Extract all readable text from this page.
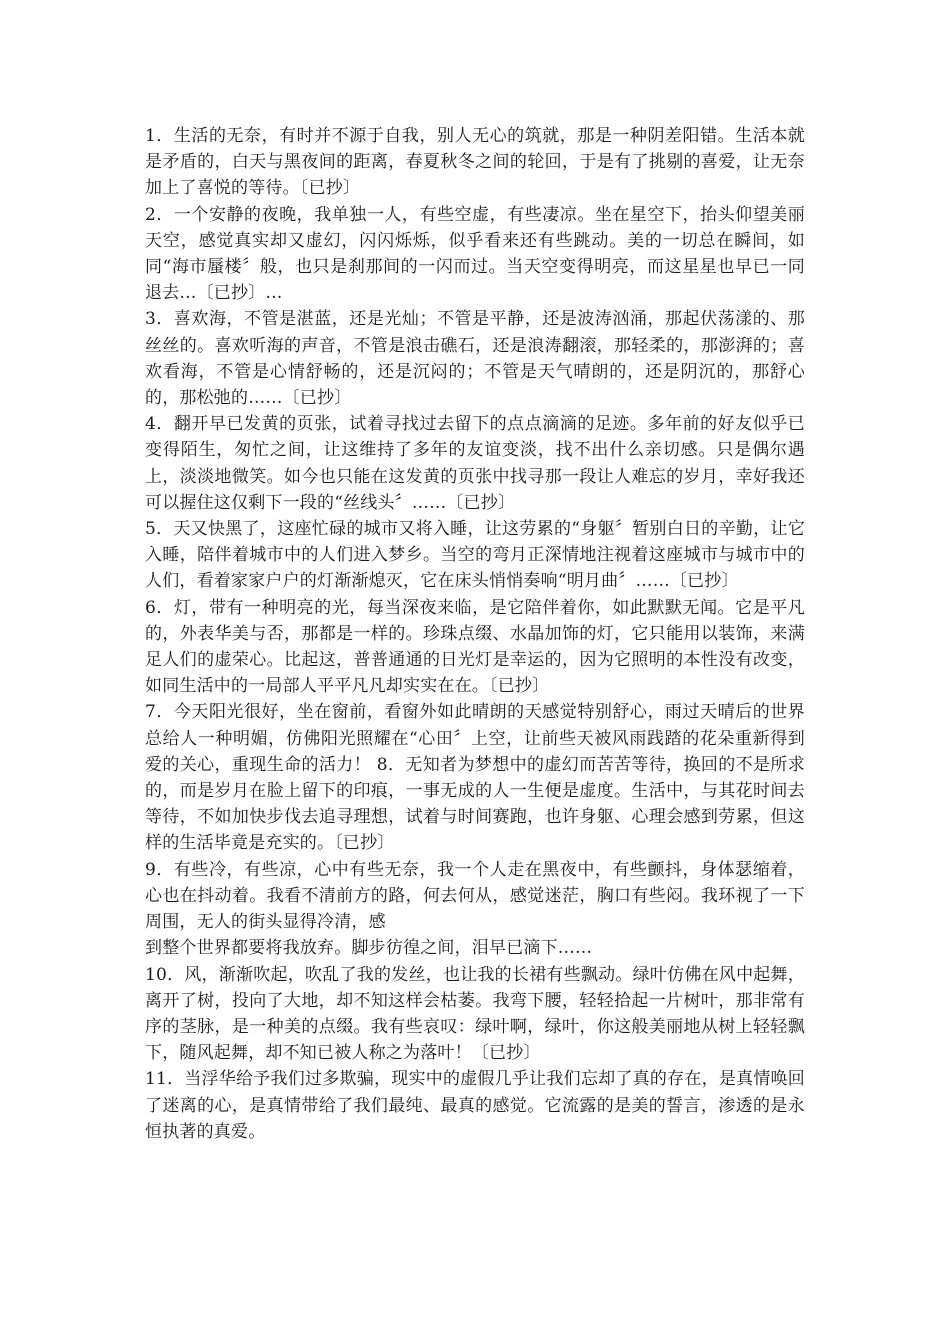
1．生活的无奈，有时并不源于自我，别人无心的筑就，那是一种阴差阳错。生活本就是矛盾的，白天与黑夜间的距离，春夏秋冬之间的轮回，于是有了挑剔的喜爱，让无奈加上了喜悦的等待。〔已抄〕

2．一个安静的夜晚，我单独一人，有些空虚，有些凄凉。坐在星空下，抬头仰望美丽天空，感觉真实却又虚幻，闪闪烁烁，似乎看来还有些跳动。美的一切总在瞬间，如同“海市蜃楼〞般，也只是刹那间的一闪而过。当天空变得明亮，而这星星也早已一同退去…〔已抄〕…

3．喜欢海，不管是湛蓝，还是光灿；不管是平静，还是波涛汹涌，那起伏荡漾的、那丝丝的。喜欢听海的声音，不管是浪击礁石，还是浪涛翻滚，那轻柔的，那澎湃的；喜欢看海，不管是心情舒畅的，还是沉闷的；不管是天气晴朗的，还是阴沉的，那舒心的，那松弛的……〔已抄〕

4．翻开早已发黄的页张，试着寻找过去留下的点点滴滴的足迹。多年前的好友似乎已变得陌生，匆忙之间，让这维持了多年的友谊变淡，找不出什么亲切感。只是偶尔遇上，淡淡地微笑。如今也只能在这发黄的页张中找寻那一段让人难忘的岁月，幸好我还可以握住这仅剩下一段的“丝线头〞……〔已抄〕

5．天又快黑了，这座忙碌的城市又将入睡，让这劳累的“身躯〞暂别白日的辛勤，让它入睡，陪伴着城市中的人们进入梦乡。当空的弯月正深情地注视着这座城市与城市中的人们，看着家家户户的灯渐渐熄灭，它在床头悄悄奏响“明月曲〞……〔已抄〕

6．灯，带有一种明亮的光，每当深夜来临，是它陪伴着你，如此默默无闻。它是平凡的，外表华美与否，那都是一样的。珍珠点缀、水晶加饰的灯，它只能用以装饰，来满足人们的虚荣心。比起这，普普通通的日光灯是幸运的，因为它照明的本性没有改变，如同生活中的一局部人平平凡凡却实实在在。〔已抄〕

7．今天阳光很好，坐在窗前，看窗外如此晴朗的天感觉特别舒心，雨过天晴后的世界总给人一种明媚，仿佛阳光照耀在“心田〞上空，让前些天被风雨践踏的花朵重新得到爱的关心，重现生命的活力！ 8．无知者为梦想中的虚幻而苦苦等待，换回的不是所求的，而是岁月在脸上留下的印痕，一事无成的人一生便是虚度。生活中，与其花时间去等待，不如加快步伐去追寻理想，试着与时间赛跑，也许身躯、心理会感到劳累，但这样的生活毕竟是充实的。〔已抄〕

9．有些冷，有些凉，心中有些无奈，我一个人走在黑夜中，有些颤抖，身体瑟缩着，心也在抖动着。我看不清前方的路，何去何从，感觉迷茫，胸口有些闷。我环视了一下周围，无人的街头显得冷清，感
到整个世界都要将我放弃。脚步彷徨之间，泪早已滴下……

10．风，渐渐吹起，吹乱了我的发丝，也让我的长裙有些飘动。绿叶仿佛在风中起舞，离开了树，投向了大地，却不知这样会枯萎。我弯下腰，轻轻拾起一片树叶，那非常有序的茎脉，是一种美的点缀。我有些哀叹：绿叶啊，绿叶，你这般美丽地从树上轻轻飘下，随风起舞，却不知已被人称之为落叶！〔已抄〕

11．当浮华给予我们过多欺骗，现实中的虚假几乎让我们忘却了真的存在，是真情唤回了迷离的心，是真情带给了我们最纯、最真的感觉。它流露的是美的誓言，渗透的是永恒执著的真爱。
